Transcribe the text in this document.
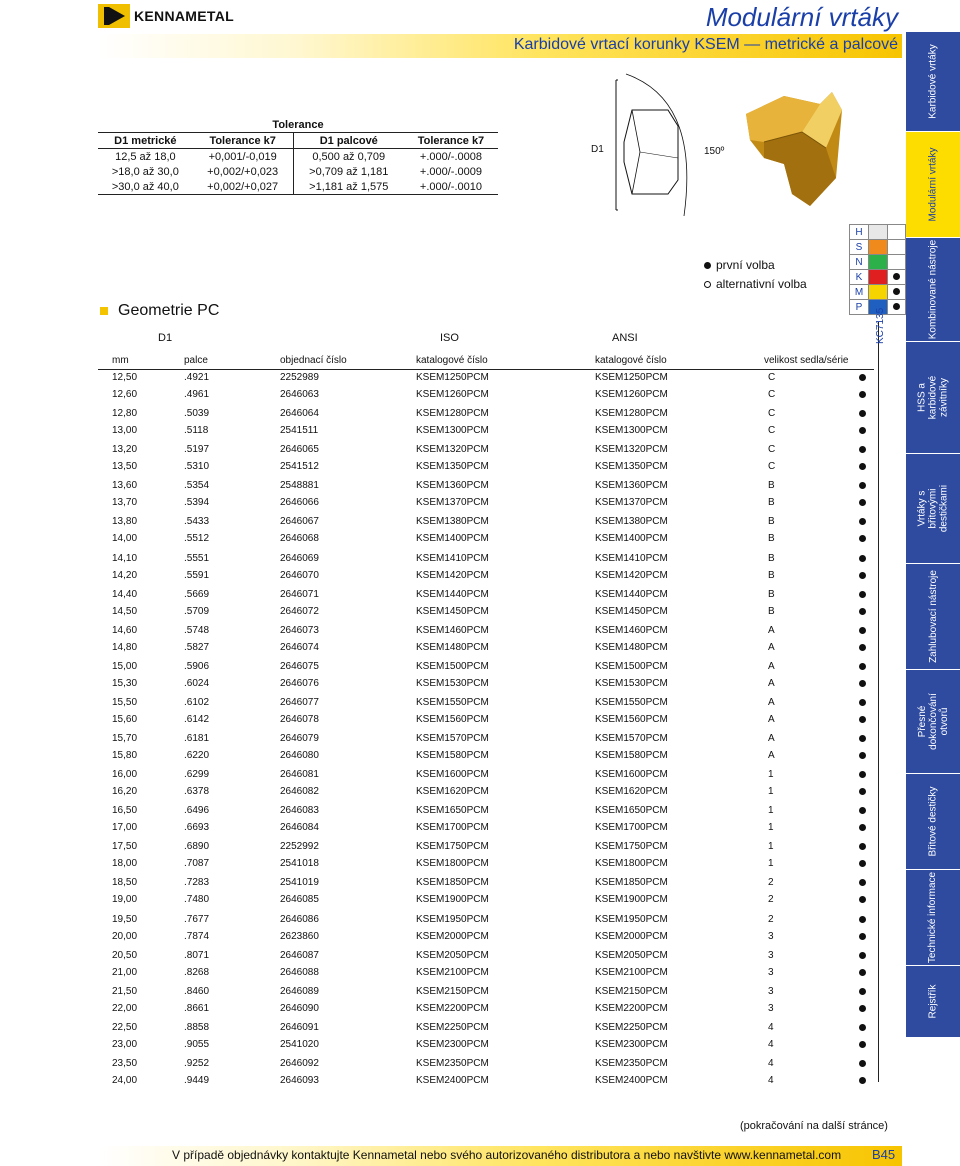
KENNAMETAL	Modulární vrtáky
Karbidové vrtací korunky KSEM — metrické a palcové	Karbidové vrtáky
Modulární vrtáky
Kombinované nástroje
HSS a karbidové závitníky
Vrtáky s břitovými destičkami
Zahlubovací nástroje
Přesné dokončování otvorů
Břitové destičky
Technické informace
Rejstřík
Tolerance			
D1 metrické	Tolerance k7	D1 palcové	Tolerance k7
12,5 až 18,0	+0,001/-0,019	0,500 až 0,709	+.000/-.0008
>18,0 až 30,0	+0,002/+0,023	>0,709 až 1,181	+.000/-.0009
>30,0 až 40,0	+0,002/+0,027	>1,181 až 1,575	+.000/-.0010
D1	150º
první volba
alternativní volba
H		
S		
N		
K		
M		
P		
Geometrie PC
D1	ISO	ANSI
mm	palce	objednací číslo	katalogové číslo	katalogové číslo	velikost sedla/série
12,50	.4921	2252989	KSEM1250PCM	KSEM1250PCM	C
12,60	.4961	2646063	KSEM1260PCM	KSEM1260PCM	C
12,80	.5039	2646064	KSEM1280PCM	KSEM1280PCM	C
13,00	.5118	2541511	KSEM1300PCM	KSEM1300PCM	C
13,20	.5197	2646065	KSEM1320PCM	KSEM1320PCM	C
13,50	.5310	2541512	KSEM1350PCM	KSEM1350PCM	C
13,60	.5354	2548881	KSEM1360PCM	KSEM1360PCM	B
13,70	.5394	2646066	KSEM1370PCM	KSEM1370PCM	B
13,80	.5433	2646067	KSEM1380PCM	KSEM1380PCM	B
14,00	.5512	2646068	KSEM1400PCM	KSEM1400PCM	B
14,10	.5551	2646069	KSEM1410PCM	KSEM1410PCM	B
14,20	.5591	2646070	KSEM1420PCM	KSEM1420PCM	B
14,40	.5669	2646071	KSEM1440PCM	KSEM1440PCM	B
14,50	.5709	2646072	KSEM1450PCM	KSEM1450PCM	B
14,60	.5748	2646073	KSEM1460PCM	KSEM1460PCM	A
14,80	.5827	2646074	KSEM1480PCM	KSEM1480PCM	A
15,00	.5906	2646075	KSEM1500PCM	KSEM1500PCM	A
15,30	.6024	2646076	KSEM1530PCM	KSEM1530PCM	A
15,50	.6102	2646077	KSEM1550PCM	KSEM1550PCM	A
15,60	.6142	2646078	KSEM1560PCM	KSEM1560PCM	A
15,70	.6181	2646079	KSEM1570PCM	KSEM1570PCM	A
15,80	.6220	2646080	KSEM1580PCM	KSEM1580PCM	A
16,00	.6299	2646081	KSEM1600PCM	KSEM1600PCM	1
16,20	.6378	2646082	KSEM1620PCM	KSEM1620PCM	1
16,50	.6496	2646083	KSEM1650PCM	KSEM1650PCM	1
17,00	.6693	2646084	KSEM1700PCM	KSEM1700PCM	1
17,50	.6890	2252992	KSEM1750PCM	KSEM1750PCM	1
18,00	.7087	2541018	KSEM1800PCM	KSEM1800PCM	1
18,50	.7283	2541019	KSEM1850PCM	KSEM1850PCM	2
19,00	.7480	2646085	KSEM1900PCM	KSEM1900PCM	2
19,50	.7677	2646086	KSEM1950PCM	KSEM1950PCM	2
20,00	.7874	2623860	KSEM2000PCM	KSEM2000PCM	3
20,50	.8071	2646087	KSEM2050PCM	KSEM2050PCM	3
21,00	.8268	2646088	KSEM2100PCM	KSEM2100PCM	3
21,50	.8460	2646089	KSEM2150PCM	KSEM2150PCM	3
22,00	.8661	2646090	KSEM2200PCM	KSEM2200PCM	3
22,50	.8858	2646091	KSEM2250PCM	KSEM2250PCM	4
23,00	.9055	2541020	KSEM2300PCM	KSEM2300PCM	4
23,50	.9252	2646092	KSEM2350PCM	KSEM2350PCM	4
24,00	.9449	2646093	KSEM2400PCM	KSEM2400PCM	4
KC7135
(pokračování na další stránce)
V případě objednávky kontaktujte Kennametal nebo svého autorizovaného distributora a nebo navštivte www.kennametal.com B45
